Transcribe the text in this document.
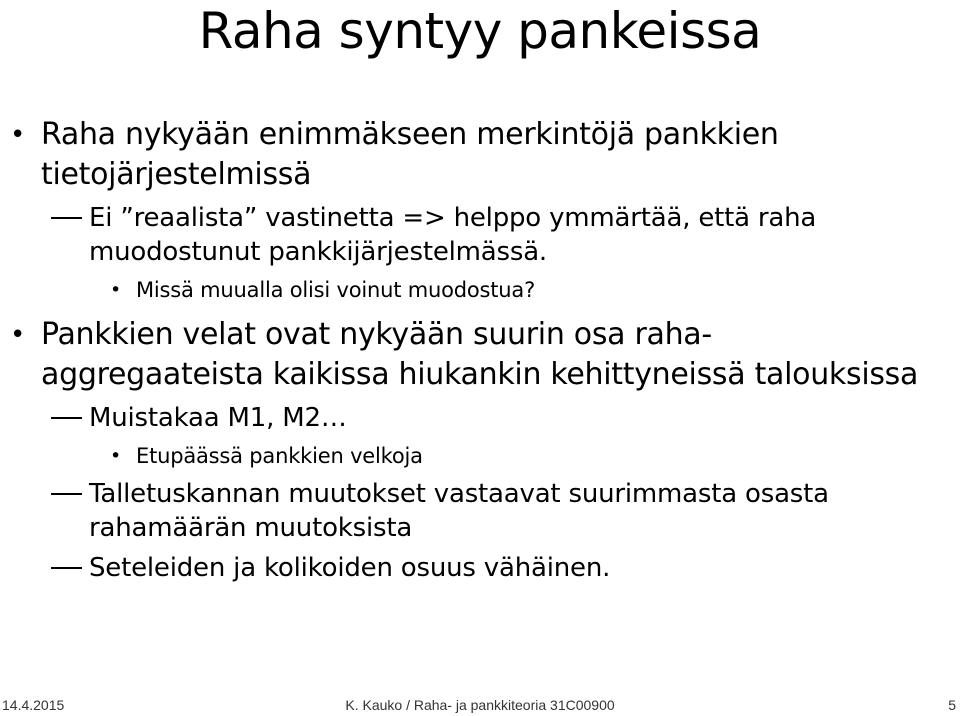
Raha syntyy pankeissa
• Raha nykyään enimmäkseen merkintöjä pankkien tietojärjestelmissä
Ei ”reaalista” vastinetta => helppo ymmärtää, että raha muodostunut pankkijärjestelmässä.
• Missä muualla olisi voinut muodostua?
• Pankkien velat ovat nykyään suurin osa raha-aggregaateista kaikissa hiukankin kehittyneissä talouksissa
Muistakaa M1, M2…
• Etupäässä pankkien velkoja
Talletuskannan muutokset vastaavat suurimmasta osasta rahamäärän muutoksista
Seteleiden ja kolikoiden osuus vähäinen.
14.4.2015	K. Kauko / Raha- ja pankkiteoria 31C00900	5
